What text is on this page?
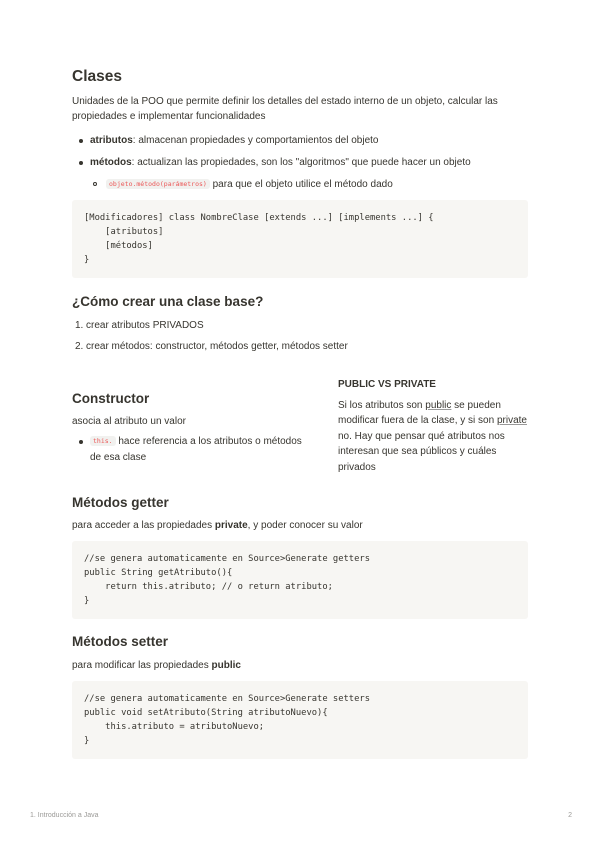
Clases

Unidades de la POO que permite definir los detalles del estado interno de un objeto, calcular las propiedades e implementar funcionalidades

atributos: almacenan propiedades y comportamientos del objeto
métodos: actualizan las propiedades, son los "algoritmos" que puede hacer un objeto
objeto.método(parámetros) para que el objeto utilice el método dado
[Modificadores] class NombreClase [extends ...] [implements ...] {
[atributos]
[métodos]
}
¿Cómo crear una clase base?
1. crear atributos PRIVADOS
2. crear métodos: constructor, métodos getter, métodos setter
Constructor

asocia al atributo un valor

this. hace referencia a los atributos o métodos de esa clase
PUBLIC VS PRIVATE

Si los atributos son public se pueden modificar fuera de la clase, y si son private no. Hay que pensar qué atributos nos interesan que sea públicos y cuáles privados

Métodos getter

para acceder a las propiedades private, y poder conocer su valor

//se genera automaticamente en Source>Generate getters
public String getAtributo(){
return this.atributo; // o return atributo;
}
Métodos setter

para modificar las propiedades public

//se genera automaticamente en Source>Generate setters
public void setAtributo(String atributoNuevo){
this.atributo = atributoNuevo;
}
1. Introducción a Java	2
